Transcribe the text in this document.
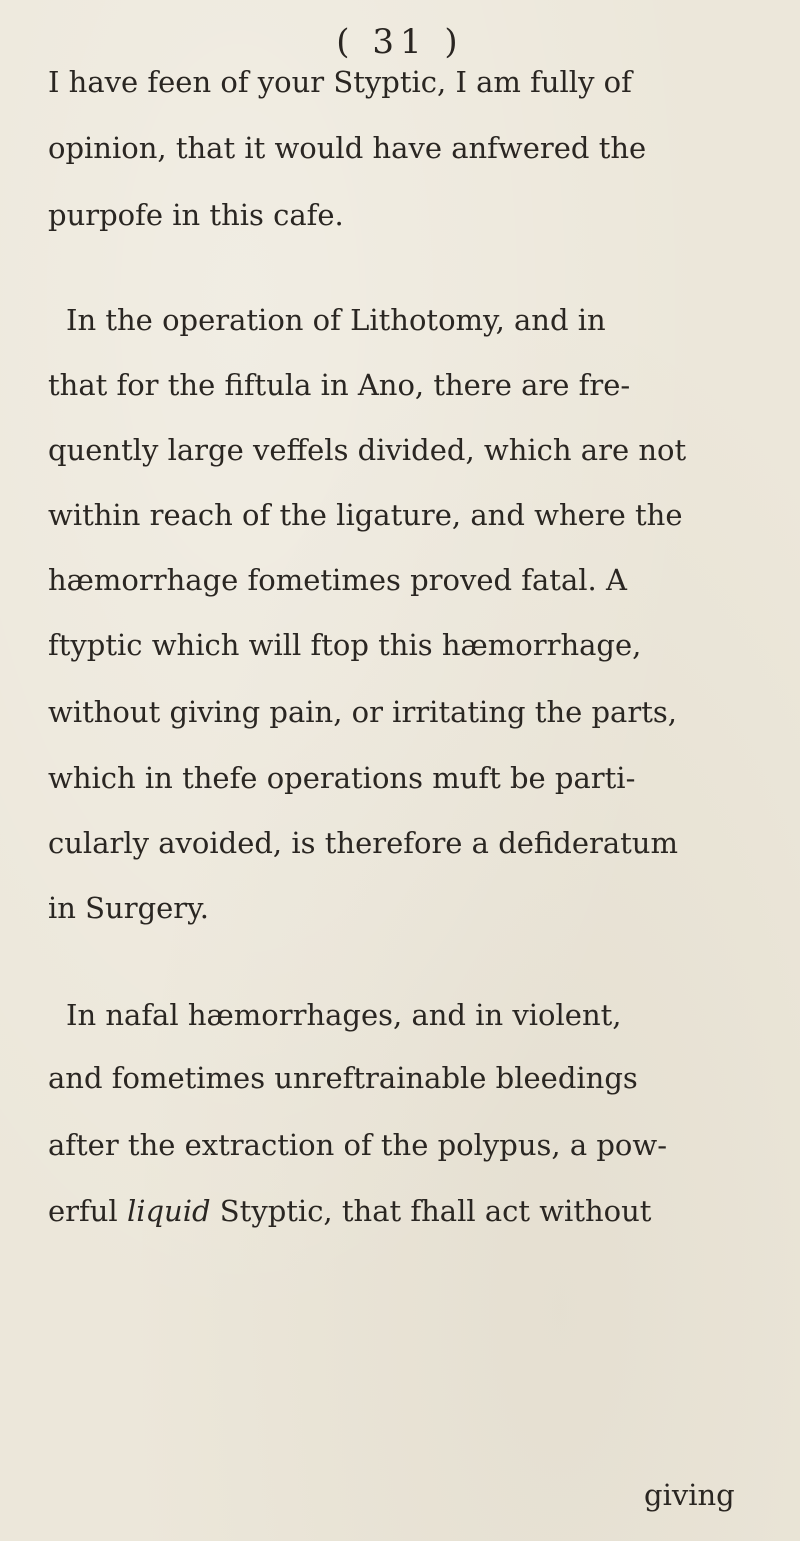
( 31 )
I have feen of your Styptic, I am fully of
opinion, that it would have anfwered the
purpofe in this cafe.
In the operation of Lithotomy, and in
that for the fiftula in Ano, there are fre-
quently large veffels divided, which are not
within reach of the ligature, and where the
hæmorrhage fometimes proved fatal. A
ftyptic which will ftop this hæmorrhage,
without giving pain, or irritating the parts,
which in thefe operations muft be parti-
cularly avoided, is therefore a defideratum
in Surgery.
In nafal hæmorrhages, and in violent,
and fometimes unreftrainable bleedings
after the extraction of the polypus, a pow-
erful liquid Styptic, that fhall act without
giving
